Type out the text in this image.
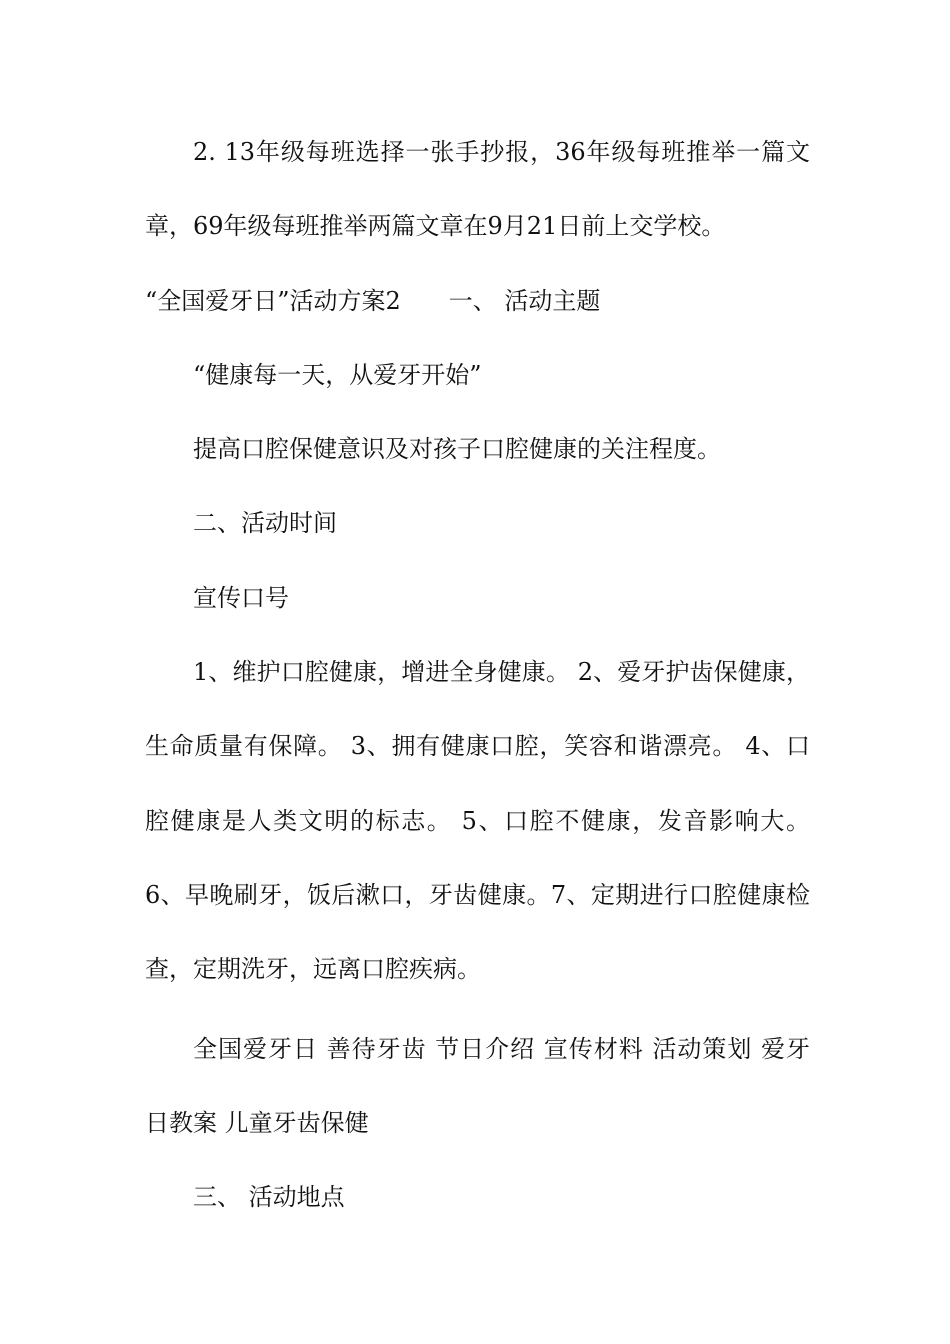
2. 13年级每班选择一张手抄报，36年级每班推举一篇文
章，69年级每班推举两篇文章在9月21日前上交学校。
“全国爱牙日”活动方案2　　一、 活动主题
“健康每一天，从爱牙开始”
提高口腔保健意识及对孩子口腔健康的关注程度。
二、活动时间
宣传口号
1、维护口腔健康，增进全身健康。 2、爱牙护齿保健康，
生命质量有保障。 3、拥有健康口腔，笑容和谐漂亮。 4、口
腔健康是人类文明的标志。 5、口腔不健康，发音影响大。
6、早晚刷牙，饭后漱口，牙齿健康。7、定期进行口腔健康检
查，定期洗牙，远离口腔疾病。
全国爱牙日 善待牙齿 节日介绍 宣传材料 活动策划 爱牙
日教案 儿童牙齿保健
三、 活动地点
